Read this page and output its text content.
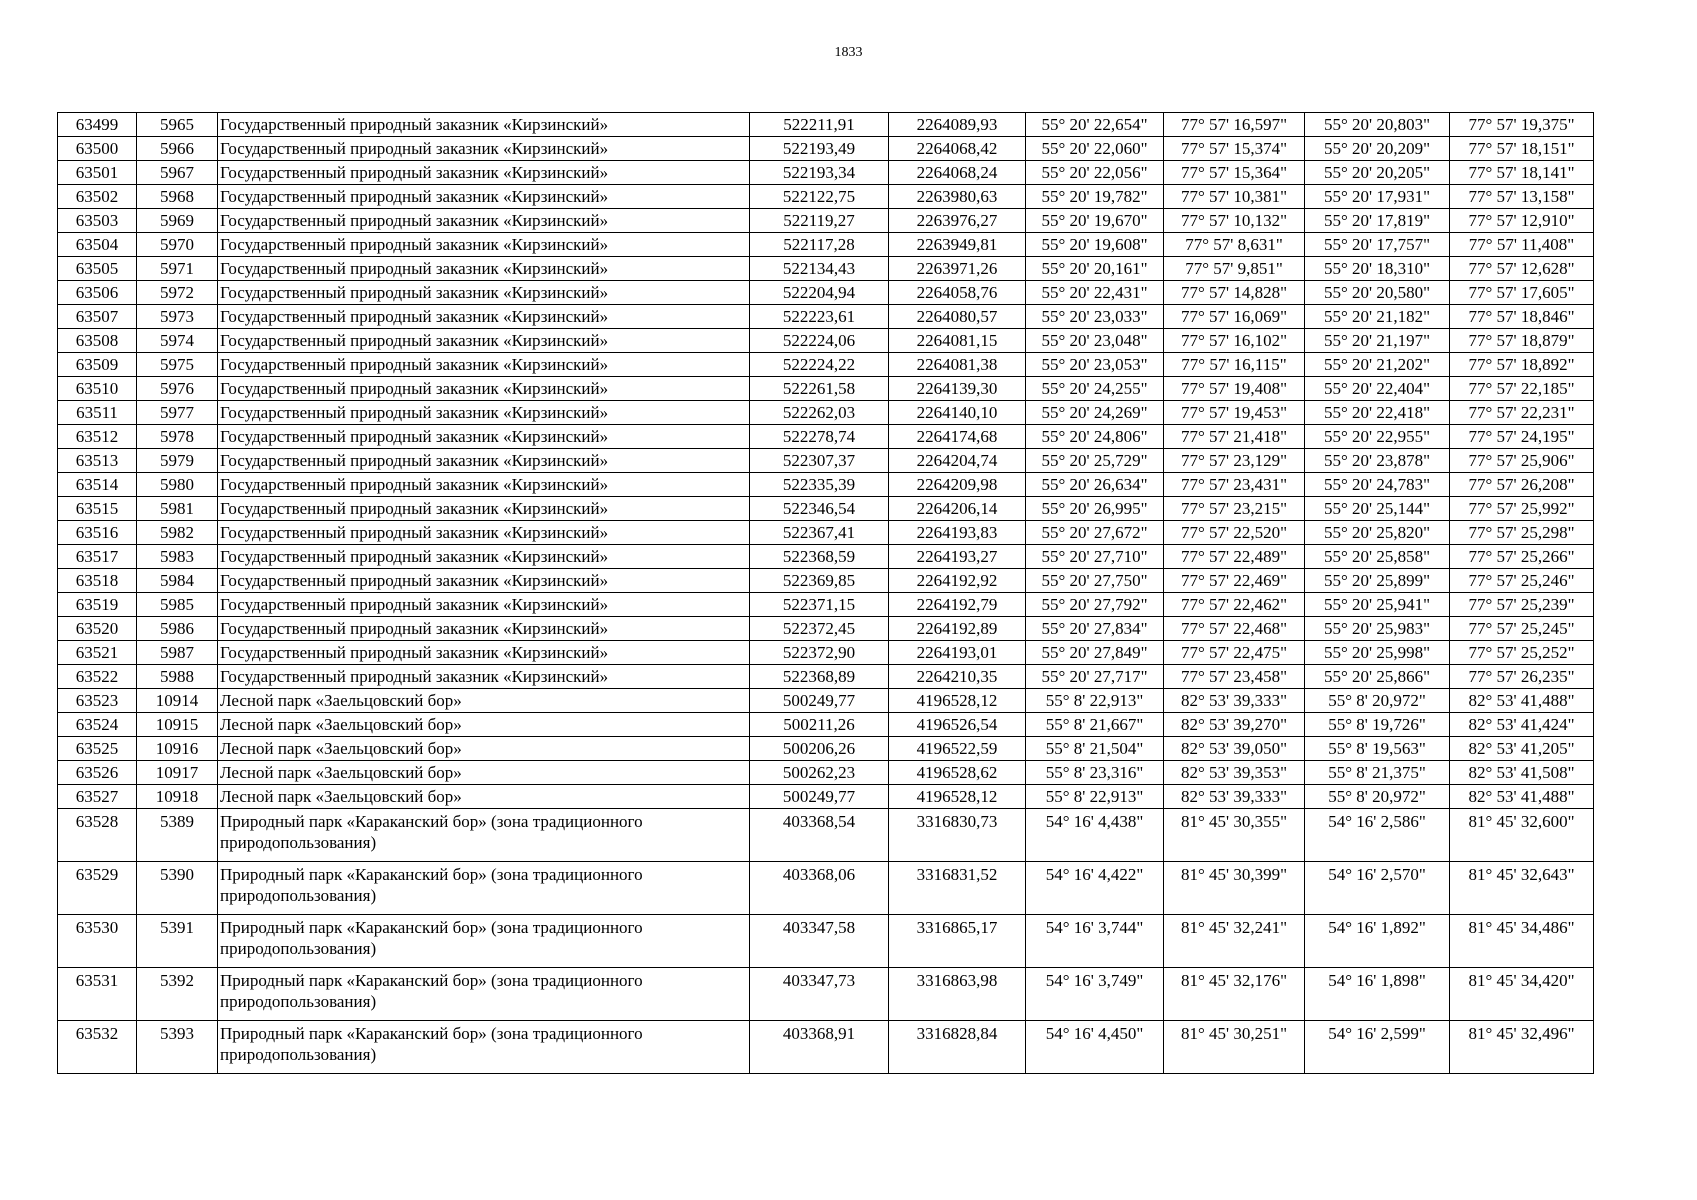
1833
63499	5965	Государственный природный заказник «Кирзинский»	522211,91	2264089,93	55° 20' 22,654"	77° 57' 16,597"	55° 20' 20,803"	77° 57' 19,375"
63500	5966	Государственный природный заказник «Кирзинский»	522193,49	2264068,42	55° 20' 22,060"	77° 57' 15,374"	55° 20' 20,209"	77° 57' 18,151"
63501	5967	Государственный природный заказник «Кирзинский»	522193,34	2264068,24	55° 20' 22,056"	77° 57' 15,364"	55° 20' 20,205"	77° 57' 18,141"
63502	5968	Государственный природный заказник «Кирзинский»	522122,75	2263980,63	55° 20' 19,782"	77° 57' 10,381"	55° 20' 17,931"	77° 57' 13,158"
63503	5969	Государственный природный заказник «Кирзинский»	522119,27	2263976,27	55° 20' 19,670"	77° 57' 10,132"	55° 20' 17,819"	77° 57' 12,910"
63504	5970	Государственный природный заказник «Кирзинский»	522117,28	2263949,81	55° 20' 19,608"	77° 57' 8,631"	55° 20' 17,757"	77° 57' 11,408"
63505	5971	Государственный природный заказник «Кирзинский»	522134,43	2263971,26	55° 20' 20,161"	77° 57' 9,851"	55° 20' 18,310"	77° 57' 12,628"
63506	5972	Государственный природный заказник «Кирзинский»	522204,94	2264058,76	55° 20' 22,431"	77° 57' 14,828"	55° 20' 20,580"	77° 57' 17,605"
63507	5973	Государственный природный заказник «Кирзинский»	522223,61	2264080,57	55° 20' 23,033"	77° 57' 16,069"	55° 20' 21,182"	77° 57' 18,846"
63508	5974	Государственный природный заказник «Кирзинский»	522224,06	2264081,15	55° 20' 23,048"	77° 57' 16,102"	55° 20' 21,197"	77° 57' 18,879"
63509	5975	Государственный природный заказник «Кирзинский»	522224,22	2264081,38	55° 20' 23,053"	77° 57' 16,115"	55° 20' 21,202"	77° 57' 18,892"
63510	5976	Государственный природный заказник «Кирзинский»	522261,58	2264139,30	55° 20' 24,255"	77° 57' 19,408"	55° 20' 22,404"	77° 57' 22,185"
63511	5977	Государственный природный заказник «Кирзинский»	522262,03	2264140,10	55° 20' 24,269"	77° 57' 19,453"	55° 20' 22,418"	77° 57' 22,231"
63512	5978	Государственный природный заказник «Кирзинский»	522278,74	2264174,68	55° 20' 24,806"	77° 57' 21,418"	55° 20' 22,955"	77° 57' 24,195"
63513	5979	Государственный природный заказник «Кирзинский»	522307,37	2264204,74	55° 20' 25,729"	77° 57' 23,129"	55° 20' 23,878"	77° 57' 25,906"
63514	5980	Государственный природный заказник «Кирзинский»	522335,39	2264209,98	55° 20' 26,634"	77° 57' 23,431"	55° 20' 24,783"	77° 57' 26,208"
63515	5981	Государственный природный заказник «Кирзинский»	522346,54	2264206,14	55° 20' 26,995"	77° 57' 23,215"	55° 20' 25,144"	77° 57' 25,992"
63516	5982	Государственный природный заказник «Кирзинский»	522367,41	2264193,83	55° 20' 27,672"	77° 57' 22,520"	55° 20' 25,820"	77° 57' 25,298"
63517	5983	Государственный природный заказник «Кирзинский»	522368,59	2264193,27	55° 20' 27,710"	77° 57' 22,489"	55° 20' 25,858"	77° 57' 25,266"
63518	5984	Государственный природный заказник «Кирзинский»	522369,85	2264192,92	55° 20' 27,750"	77° 57' 22,469"	55° 20' 25,899"	77° 57' 25,246"
63519	5985	Государственный природный заказник «Кирзинский»	522371,15	2264192,79	55° 20' 27,792"	77° 57' 22,462"	55° 20' 25,941"	77° 57' 25,239"
63520	5986	Государственный природный заказник «Кирзинский»	522372,45	2264192,89	55° 20' 27,834"	77° 57' 22,468"	55° 20' 25,983"	77° 57' 25,245"
63521	5987	Государственный природный заказник «Кирзинский»	522372,90	2264193,01	55° 20' 27,849"	77° 57' 22,475"	55° 20' 25,998"	77° 57' 25,252"
63522	5988	Государственный природный заказник «Кирзинский»	522368,89	2264210,35	55° 20' 27,717"	77° 57' 23,458"	55° 20' 25,866"	77° 57' 26,235"
63523	10914	Лесной парк «Заельцовский бор»	500249,77	4196528,12	55° 8' 22,913"	82° 53' 39,333"	55° 8' 20,972"	82° 53' 41,488"
63524	10915	Лесной парк «Заельцовский бор»	500211,26	4196526,54	55° 8' 21,667"	82° 53' 39,270"	55° 8' 19,726"	82° 53' 41,424"
63525	10916	Лесной парк «Заельцовский бор»	500206,26	4196522,59	55° 8' 21,504"	82° 53' 39,050"	55° 8' 19,563"	82° 53' 41,205"
63526	10917	Лесной парк «Заельцовский бор»	500262,23	4196528,62	55° 8' 23,316"	82° 53' 39,353"	55° 8' 21,375"	82° 53' 41,508"
63527	10918	Лесной парк «Заельцовский бор»	500249,77	4196528,12	55° 8' 22,913"	82° 53' 39,333"	55° 8' 20,972"	82° 53' 41,488"
63528	5389	Природный парк «Караканский бор» (зона традиционного природопользования)	403368,54	3316830,73	54° 16' 4,438"	81° 45' 30,355"	54° 16' 2,586"	81° 45' 32,600"
63529	5390	Природный парк «Караканский бор» (зона традиционного природопользования)	403368,06	3316831,52	54° 16' 4,422"	81° 45' 30,399"	54° 16' 2,570"	81° 45' 32,643"
63530	5391	Природный парк «Караканский бор» (зона традиционного природопользования)	403347,58	3316865,17	54° 16' 3,744"	81° 45' 32,241"	54° 16' 1,892"	81° 45' 34,486"
63531	5392	Природный парк «Караканский бор» (зона традиционного природопользования)	403347,73	3316863,98	54° 16' 3,749"	81° 45' 32,176"	54° 16' 1,898"	81° 45' 34,420"
63532	5393	Природный парк «Караканский бор» (зона традиционного природопользования)	403368,91	3316828,84	54° 16' 4,450"	81° 45' 30,251"	54° 16' 2,599"	81° 45' 32,496"
